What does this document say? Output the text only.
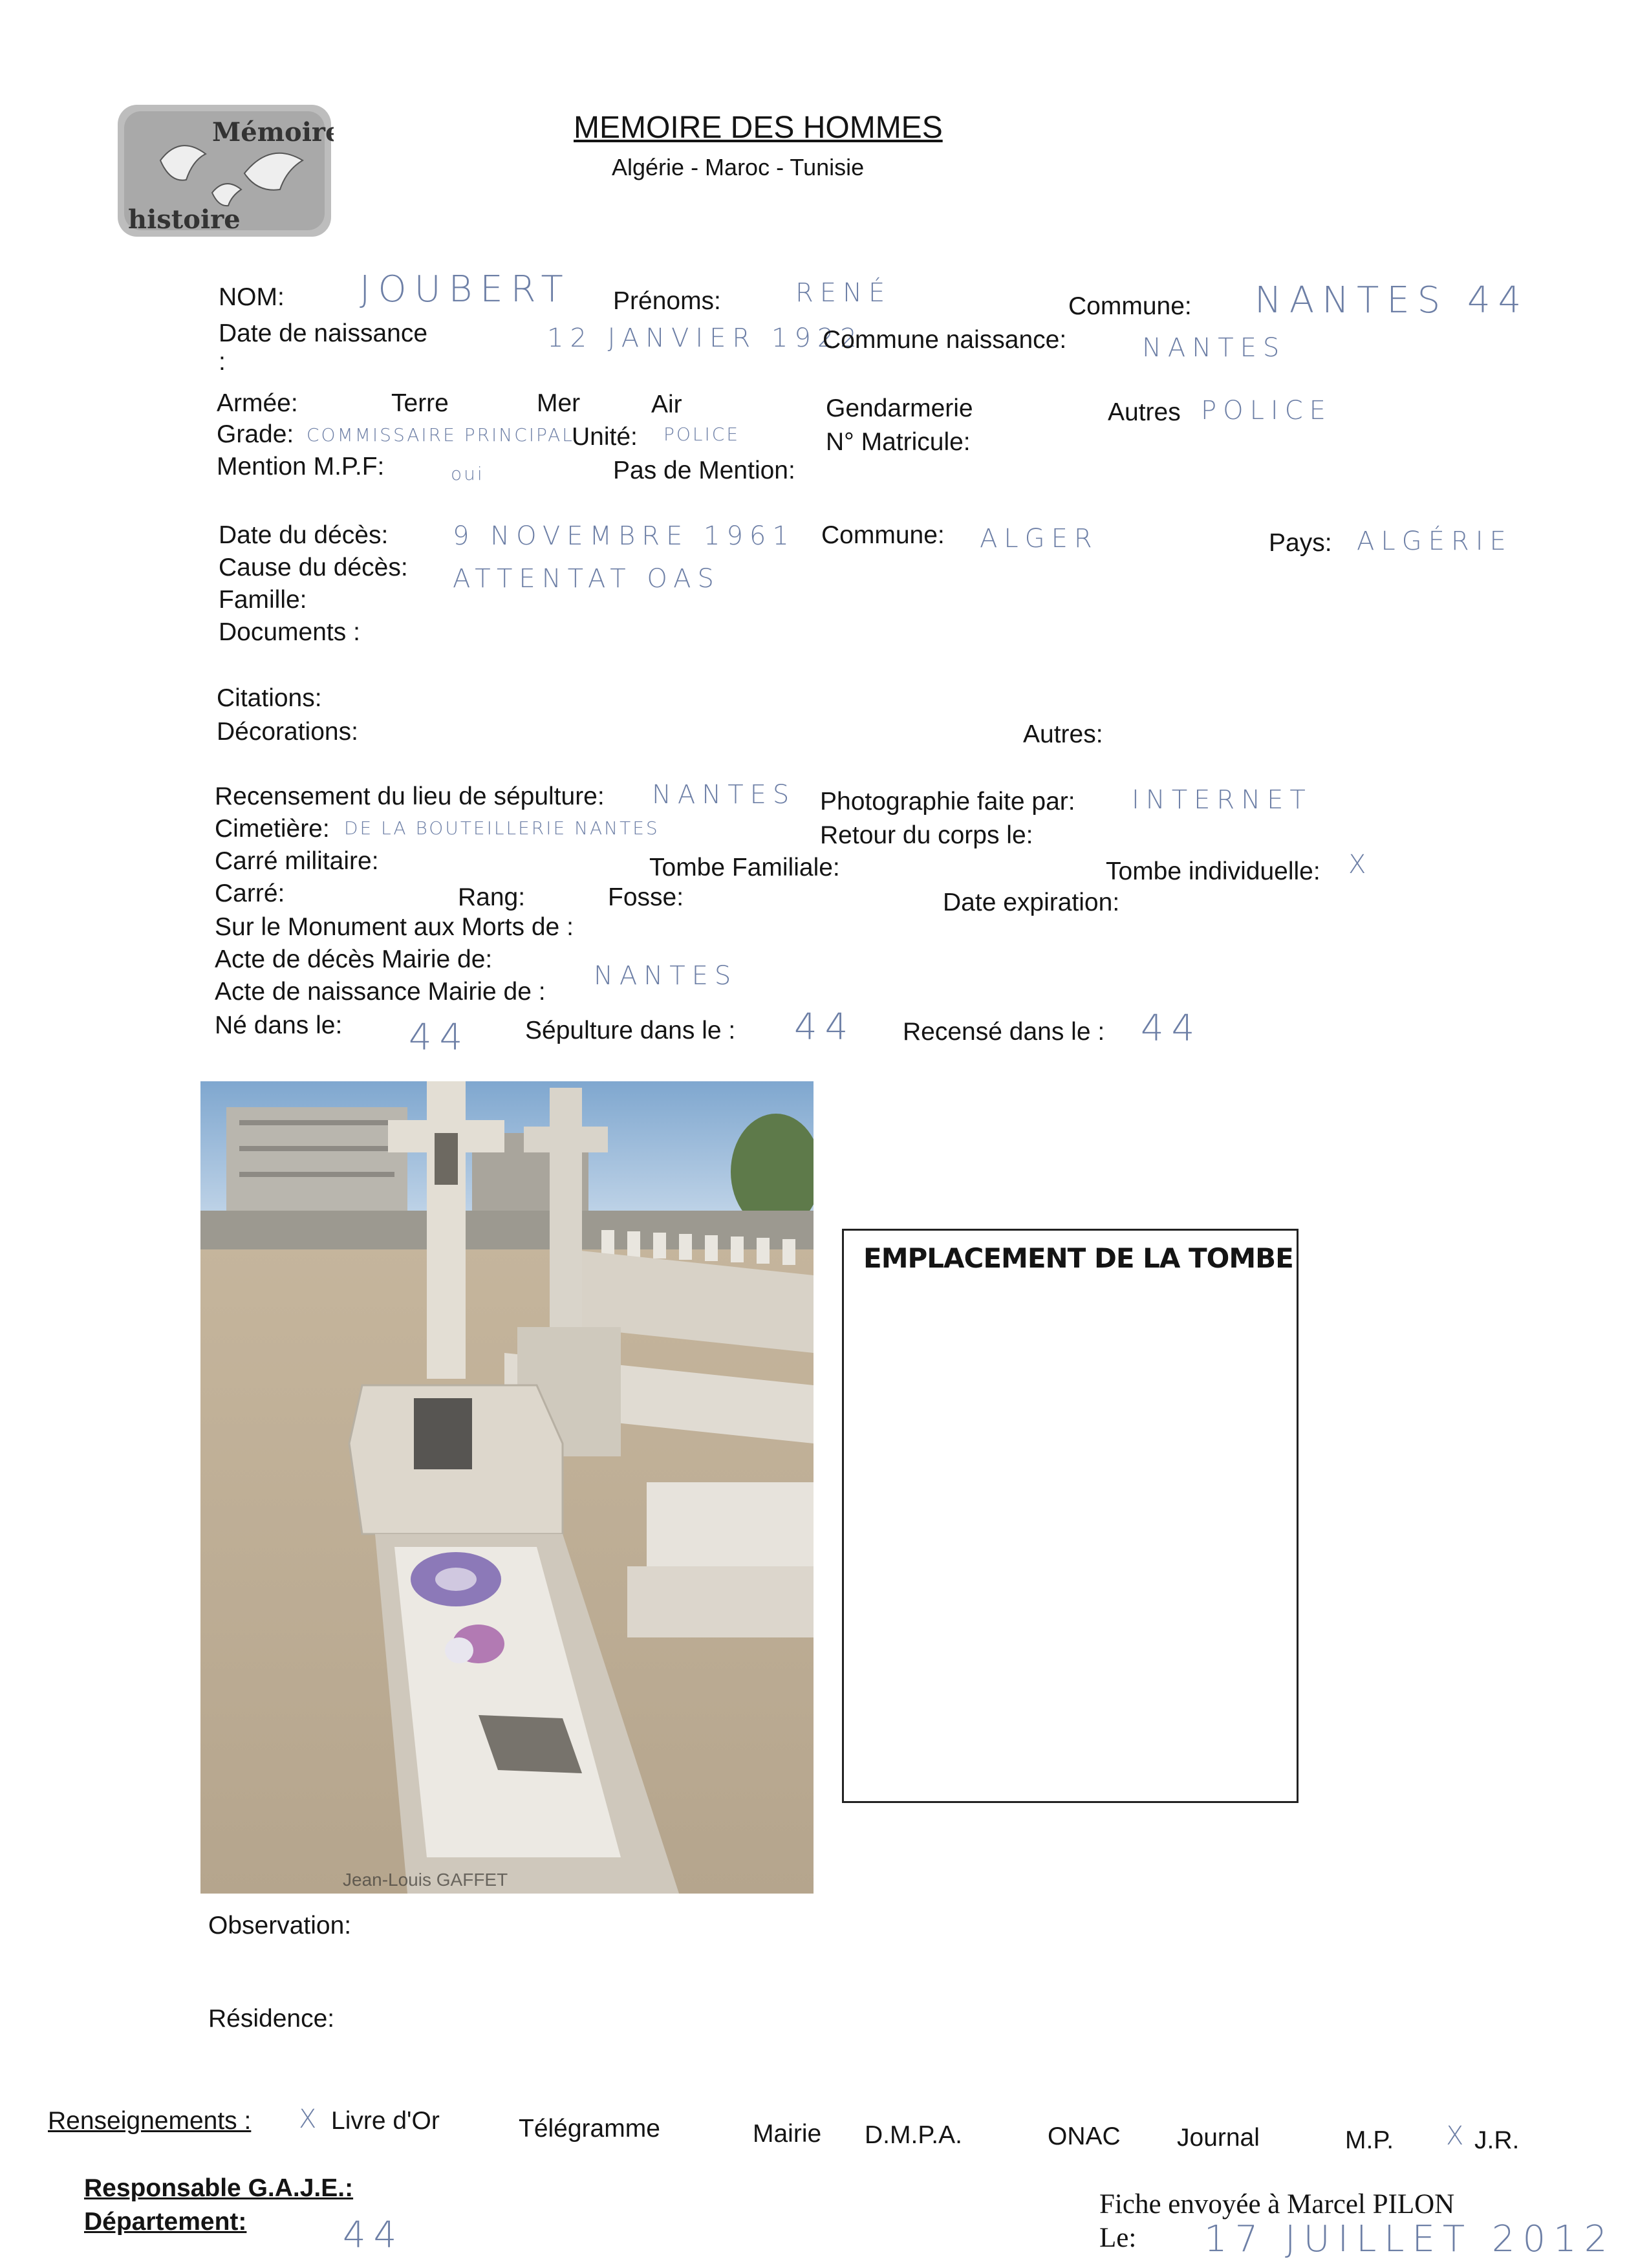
Mémoire
histoire
MEMOIRE DES HOMMES
Algérie - Maroc - Tunisie
NOM: JOUBERT Prénoms:	RENÉ	Commune: NANTES 44
Date de naissance
:
12 JANVIER 1922
Commune naissance:	NANTES
Armée:	Terre	Mer	Air	Gendarmerie	Autres POLICE
Grade: COMMISSAIRE PRINCIPAL
Unité: POLICE	N° Matricule:
Mention M.P.F:	oui	Pas de Mention:
Date du décès: 9 NOVEMBRE 1961 Commune: ALGER	Pays: ALGÉRIE
Cause du décès: ATTENTAT OAS
Famille:
Documents :
Citations:
Décorations:	Autres:
Recensement du lieu de sépulture: NANTES Photographie faite par: INTERNET
Cimetière: DE LA BOUTEILLERIE NANTES	Retour du corps le:
Carré militaire:	Tombe Familiale:	Tombe individuelle: X
Carré:	Rang:	Fosse:	Date expiration:
Sur le Monument aux Morts de :
Acte de décès Mairie de:
Acte de naissance Mairie de :
NANTES
Né dans le: 44 Sépulture dans le : 44 Recensé dans le : 44
Jean-Louis GAFFET
EMPLACEMENT DE LA TOMBE
Observation:
Résidence:
Renseignements : X Livre d'Or	Télégramme	Mairie D.M.P.A.	ONAC Journal	M.P. X J.R.
Responsable G.A.J.E.:
Département:	44
Fiche envoyée à Marcel PILON
Le: 17 JUILLET 2012
